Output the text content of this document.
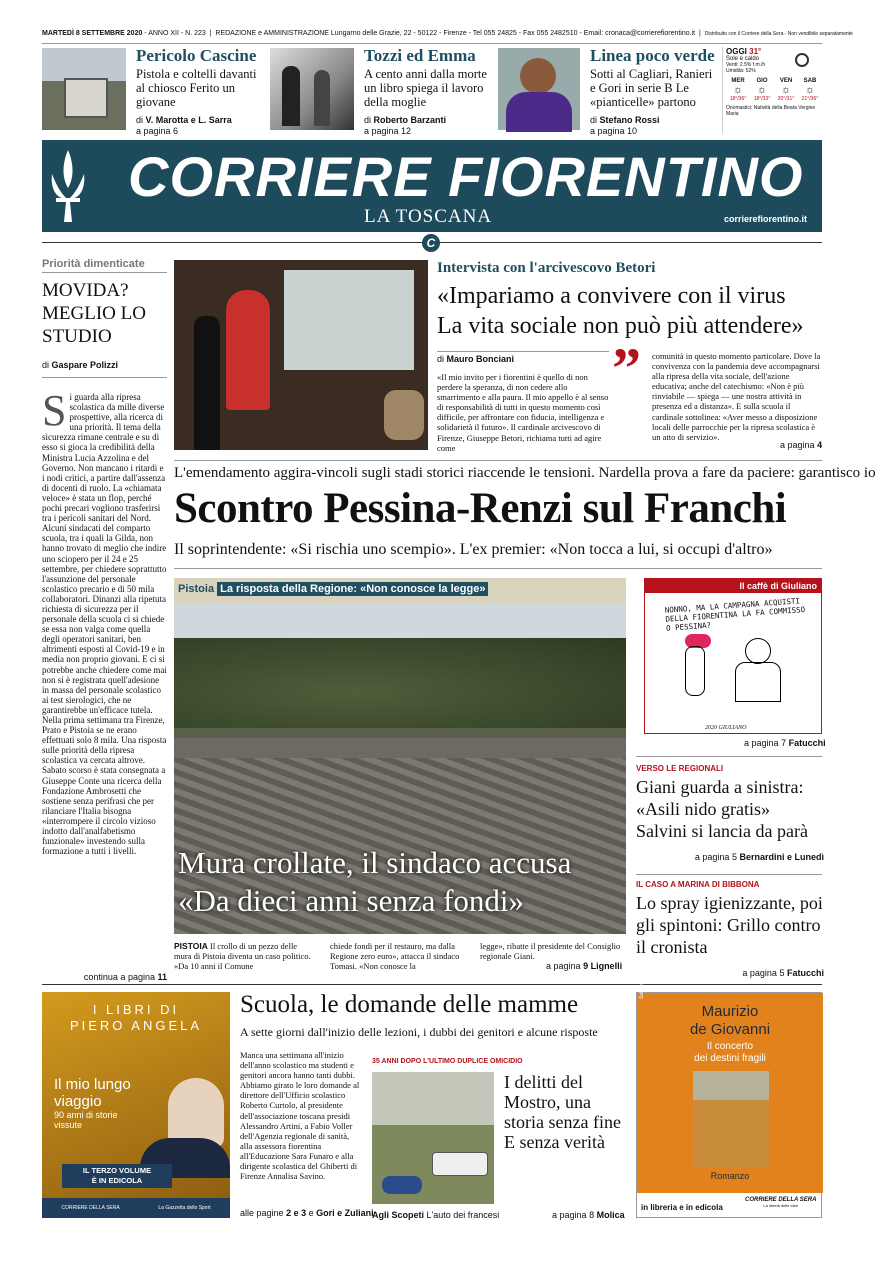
MARTEDÌ 8 SETTEMBRE 2020 - ANNO XII - N. 223  |  REDAZIONE e AMMINISTRAZIONE Lungarno delle Grazie, 22 - 50122 - Firenze - Tel 055 24825 - Fax 055 2482510 - Email: cronaca@corrierefiorentino.it  |  Distribuito con il Corriere della Sera - Non vendibile separatamente
Pericolo Cascine
Pistola e coltelli davanti al chiosco Ferito un giovane
di V. Marotta e L. Sarra
a pagina 6
Tozzi ed Emma
A cento anni dalla morte un libro spiega il lavoro della moglie
di Roberto Barzanti
a pagina 12
Linea poco verde
Sotti al Cagliari, Ranieri e Gori in serie B Le «pianticelle» partono
di Stefano Rossi
a pagina 10
OGGI 31°
Sole e caldo
Venti: 2.5% f.m./h
Umidità: 52%
MER
☼
18°/36°
GIO
☼
18°/33°
VEN
☼
20°/31°
SAB
☼
21°/36°
Onomastici: Natività della Beata Vergine Maria
CORRIERE FIORENTINO
LA TOSCANA	corrierefiorentino.it
C
Priorità dimenticate
MOVIDA? MEGLIO LO STUDIO
di Gaspare Polizzi
Si guarda alla ripresa scolastica da mille diverse prospettive, alla ricerca di una priorità. Il tema della sicurezza rimane centrale e su di esso si gioca la credibilità della Ministra Lucia Azzolina e del Governo. Non mancano i ritardi e i nodi critici, a partire dall'assenza di docenti di ruolo. La «chiamata veloce» è stata un flop, perché pochi precari vogliono trasferirsi tra i pericoli sanitari del Nord. Alcuni sindacati del comparto scuola, tra i quali la Gilda, non hanno trovato di meglio che indire uno sciopero per il 24 e 25 settembre, per chiedere soprattutto l'assunzione del personale scolastico precario e di 50 mila collaboratori. Dinanzi alla ripetuta richiesta di sicurezza per il personale della scuola ci si chiede se essa non valga come quella degli operatori sanitari, ben altrimenti esposti al Covid-19 e in media non proprio giovani. E ci si potrebbe anche chiedere come mai non si è registrata quell'adesione in massa del personale scolastico ai test sierologici, che ne garantirebbe un'efficace tutela. Nella prima settimana tra Firenze, Prato e Pistoia se ne erano effettuati solo 8 mila. Una risposta sulle priorità della ripresa scolastica va cercata altrove. Sabato scorso è stata consegnata a Giuseppe Conte una ricerca della Fondazione Ambrosetti che sostiene senza perifrasi che per rilanciare l'Italia bisogna «interrompere il circolo vizioso indotto dall'analfabetismo funzionale» investendo sulla formazione a tutti i livelli.
continua a pagina 11
Intervista con l'arcivescovo Betori
«Impariamo a convivere con il virus
La vita sociale non può più attendere»
di Mauro Bonciani
«Il mio invito per i fiorentini è quello di non perdere la speranza, di non cedere allo smarrimento e alla paura. Il mio appello è al senso di responsabilità di tutti in questo momento così difficile, per affrontare con fiducia, intelligenza e solidarietà il futuro». Il cardinale arcivescovo di Firenze, Giuseppe Betori, richiama tutti ad agire come
” comunità in questo momento particolare. Dove la convivenza con la pandemia deve accompagnarsi alla ripresa della vita sociale, dell'azione educativa; anche del catechismo: «Non è più rinviabile — spiega — une nostra attività in presenza ed a distanza». E sulla scuola il cardinale sottolinea: «Aver messo a disposizione locali delle parrocchie per la ripresa scolastica è un atto di servizio».
a pagina 4
L'emendamento aggira-vincoli sugli stadi storici riaccende le tensioni. Nardella prova a fare da paciere: garantisco io
Scontro Pessina-Renzi sul Franchi
Il soprintendente: «Si rischia uno scempio». L'ex premier: «Non tocca a lui, si occupi d'altro»
Pistoia La risposta della Regione: «Non conosce la legge»
Mura crollate, il sindaco accusa
«Da dieci anni senza fondi»
PISTOIA Il crollo di un pezzo delle mura di Pistoia diventa un caso politico. «Da 10 anni il Comune
chiede fondi per il restauro, ma dalla Regione zero euro», attacca il sindaco Tomasi. «Non conosce la
legge», ribatte il presidente del Consiglio regionale Giani.
a pagina 9 Lignelli
Il caffè di Giuliano
NONNO, MA LA CAMPAGNA ACQUISTI DELLA FIORENTINA LA FA COMMISSO O PESSINA?
2020 GIULIANO
a pagina 7 Fatucchi
VERSO LE REGIONALI
Giani guarda a sinistra: «Asili nido gratis» Salvini si lancia da parà
a pagina 5 Bernardini e Lunedì
IL CASO A MARINA DI BIBBONA
Lo spray igienizzante, poi gli spintoni: Grillo contro il cronista
a pagina 5 Fatucchi
I LIBRI DI
PIERO ANGELA
Il mio lungo
viaggio
90 anni di storie
vissute
IL TERZO VOLUME
È IN EDICOLA
CORRIERE DELLA SERA	La Gazzetta dello Sport
Scuola, le domande delle mamme
A sette giorni dall'inizio delle lezioni, i dubbi dei genitori e alcune risposte
Manca una settimana all'inizio dell'anno scolastico ma studenti e genitori ancora hanno tanti dubbi. Abbiamo girato le loro domande al direttore dell'Ufficio scolastico Roberto Curtolo, al presidente dell'associazione toscana presidi Alessandro Artini, a Fabio Voller dell'Agenzia regionale di sanità, alla assessora fiorentina all'Educazione Sara Funaro e alla dirigente scolastica del Ghiberti di Firenze Annalisa Savino.
alle pagine 2 e 3 e Gori e Zuliani
35 ANNI DOPO L'ULTIMO DUPLICE OMICIDIO
I delitti del Mostro, una storia senza fine E senza verità
Agli Scopeti L'auto dei francesi	a pagina 8 Molica
Solferino
Maurizio
de Giovanni
Il concerto
dei destini fragili
Romanzo
in libreria e in edicola
CORRIERE DELLA SERA
La libertà delle idee
